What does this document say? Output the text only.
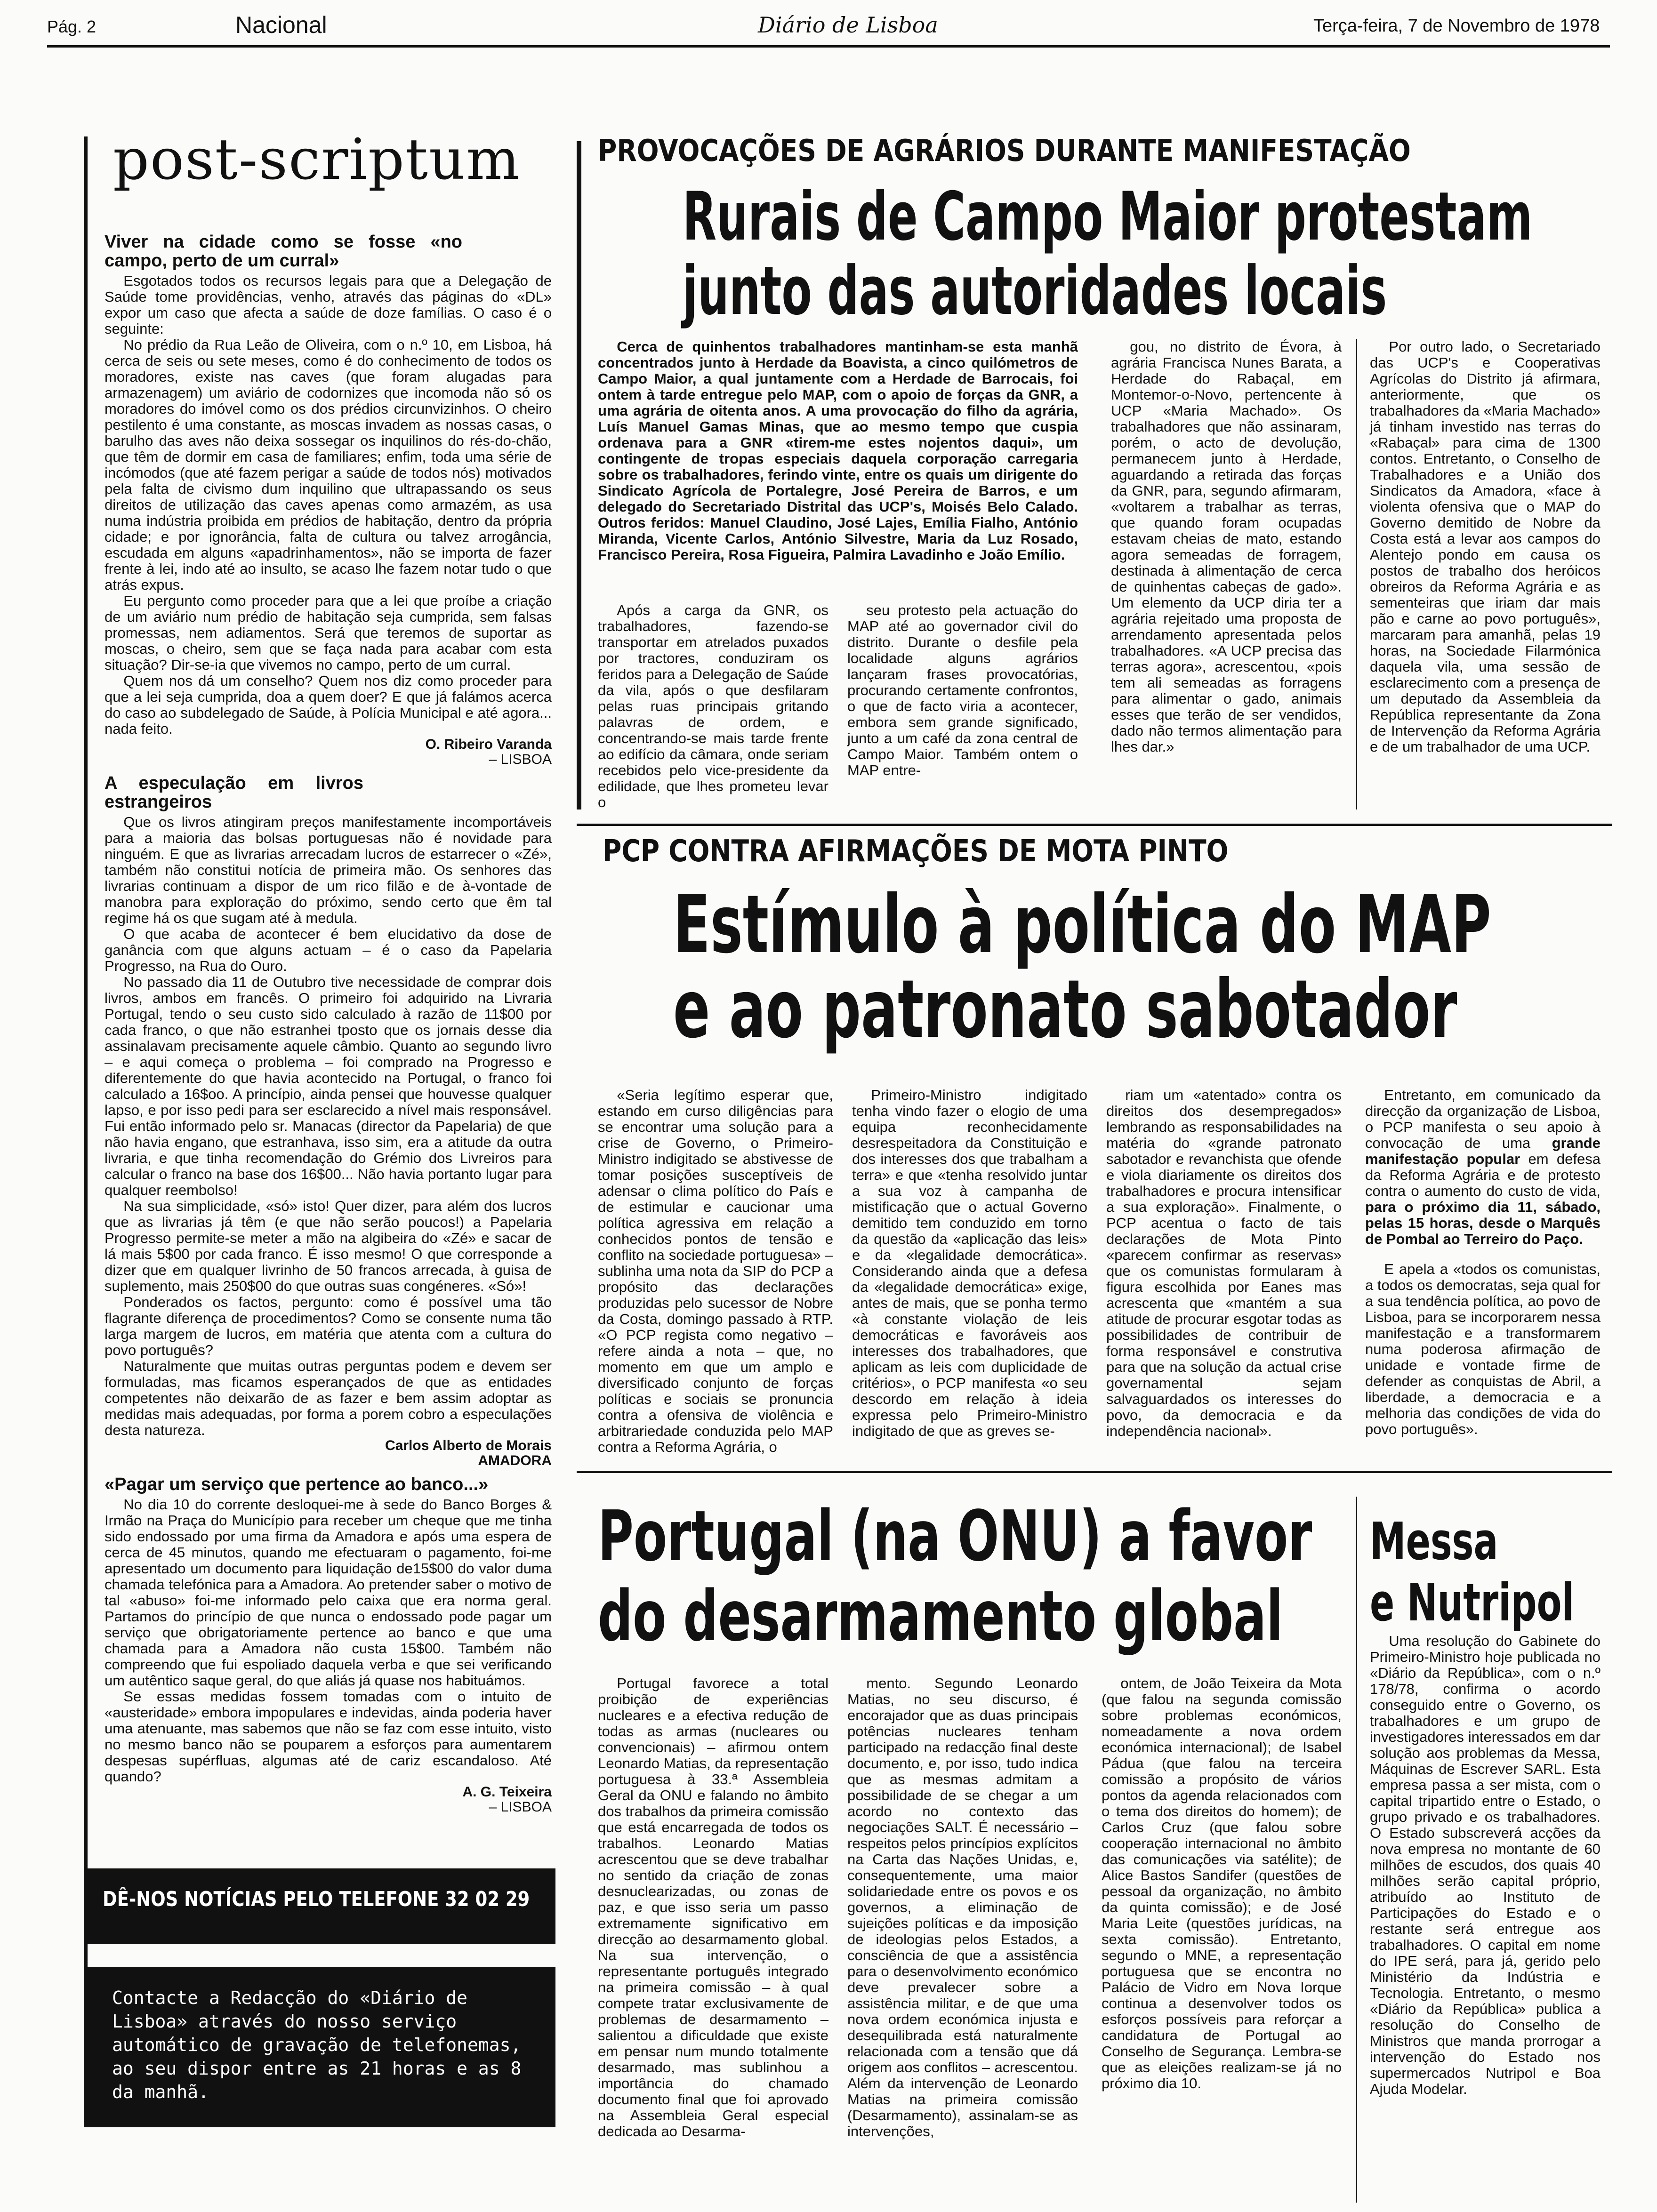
Pág. 2	Nacional	Diário de Lisboa	Terça-feira, 7 de Novembro de 1978
post-scriptum
Viver na cidade como se fosse «no campo, perto de um curral»

Esgotados todos os recursos legais para que a Delegação de Saúde tome providências, venho, através das páginas do «DL» expor um caso que afecta a saúde de doze famílias. O caso é o seguinte:

No prédio da Rua Leão de Oliveira, com o n.º 10, em Lisboa, há cerca de seis ou sete meses, como é do conhecimento de todos os moradores, existe nas caves (que foram alugadas para armazenagem) um aviário de codornizes que incomoda não só os moradores do imóvel como os dos prédios circunvizinhos. O cheiro pestilento é uma constante, as moscas invadem as nossas casas, o barulho das aves não deixa sossegar os inquilinos do rés-do-chão, que têm de dormir em casa de familiares; enfim, toda uma série de incómodos (que até fazem perigar a saúde de todos nós) motivados pela falta de civismo dum inquilino que ultrapassando os seus direitos de utilização das caves apenas como armazém, as usa numa indústria proibida em prédios de habitação, dentro da própria cidade; e por ignorância, falta de cultura ou talvez arrogância, escudada em alguns «apadrinhamentos», não se importa de fazer frente à lei, indo até ao insulto, se acaso lhe fazem notar tudo o que atrás expus.

Eu pergunto como proceder para que a lei que proíbe a criação de um aviário num prédio de habitação seja cumprida, sem falsas promessas, nem adiamentos. Será que teremos de suportar as moscas, o cheiro, sem que se faça nada para acabar com esta situação? Dir-se-ia que vivemos no campo, perto de um curral.

Quem nos dá um conselho? Quem nos diz como proceder para que a lei seja cumprida, doa a quem doer? E que já falámos acerca do caso ao subdelegado de Saúde, à Polícia Municipal e até agora... nada feito.

O. Ribeiro Varanda
– LISBOA
A especulação em livros estrangeiros

Que os livros atingiram preços manifestamente incomportáveis para a maioria das bolsas portuguesas não é novidade para ninguém. E que as livrarias arrecadam lucros de estarrecer o «Zé», também não constitui notícia de primeira mão. Os senhores das livrarias continuam a dispor de um rico filão e de à-vontade de manobra para exploração do próximo, sendo certo que êm tal regime há os que sugam até à medula.

O que acaba de acontecer é bem elucidativo da dose de ganância com que alguns actuam – é o caso da Papelaria Progresso, na Rua do Ouro.

No passado dia 11 de Outubro tive necessidade de comprar dois livros, ambos em francês. O primeiro foi adquirido na Livraria Portugal, tendo o seu custo sido calculado à razão de 11$00 por cada franco, o que não estranhei tposto que os jornais desse dia assinalavam precisamente aquele câmbio. Quanto ao segundo livro – e aqui começa o problema – foi comprado na Progresso e diferentemente do que havia acontecido na Portugal, o franco foi calculado a 16$oo. A princípio, ainda pensei que houvesse qualquer lapso, e por isso pedi para ser esclarecido a nível mais responsável. Fui então informado pelo sr. Manacas (director da Papelaria) de que não havia engano, que estranhava, isso sim, era a atitude da outra livraria, e que tinha recomendação do Grémio dos Livreiros para calcular o franco na base dos 16$00... Não havia portanto lugar para qualquer reembolso!

Na sua simplicidade, «só» isto! Quer dizer, para além dos lucros que as livrarias já têm (e que não serão poucos!) a Papelaria Progresso permite-se meter a mão na algibeira do «Zé» e sacar de lá mais 5$00 por cada franco. É isso mesmo! O que corresponde a dizer que em qualquer livrinho de 50 francos arrecada, à guisa de suplemento, mais 250$00 do que outras suas congéneres. «Só»!

Ponderados os factos, pergunto: como é possível uma tão flagrante diferença de procedimentos? Como se consente numa tão larga margem de lucros, em matéria que atenta com a cultura do povo português?

Naturalmente que muitas outras perguntas podem e devem ser formuladas, mas ficamos esperançados de que as entidades competentes não deixarão de as fazer e bem assim adoptar as medidas mais adequadas, por forma a porem cobro a especulações desta natureza.

Carlos Alberto de Morais
AMADORA
«Pagar um serviço que pertence ao banco...»

No dia 10 do corrente desloquei-me à sede do Banco Borges & Irmão na Praça do Município para receber um cheque que me tinha sido endossado por uma firma da Amadora e após uma espera de cerca de 45 minutos, quando me efectuaram o pagamento, foi-me apresentado um documento para liquidação de15$00 do valor duma chamada telefónica para a Amadora. Ao pretender saber o motivo de tal «abuso» foi-me informado pelo caixa que era norma geral. Partamos do princípio de que nunca o endossado pode pagar um serviço que obrigatoriamente pertence ao banco e que uma chamada para a Amadora não custa 15$00. Também não compreendo que fui espoliado daquela verba e que sei verificando um autêntico saque geral, do que aliás já quase nos habituámos.

Se essas medidas fossem tomadas com o intuito de «austeridade» embora impopulares e indevidas, ainda poderia haver uma atenuante, mas sabemos que não se faz com esse intuito, visto no mesmo banco não se pouparem a esforços para aumentarem despesas supérfluas, algumas até de cariz escandaloso. Até quando?

A. G. Teixeira
– LISBOA
DÊ-NOS NOTÍCIAS PELO TELEFONE 32 02 29
Contacte a Redacção do «Diário de Lisboa» através do nosso serviço automático de gravação de telefonemas, ao seu dispor entre as 21 horas e as 8 da manhã.
PROVOCAÇÕES DE AGRÁRIOS DURANTE MANIFESTAÇÃO
Rurais de Campo Maior protestam
junto das autoridades locais

Cerca de quinhentos trabalhadores mantinham-se esta manhã concentrados junto à Herdade da Boavista, a cinco quilómetros de Campo Maior, a qual juntamente com a Herdade de Barrocais, foi ontem à tarde entregue pelo MAP, com o apoio de forças da GNR, a uma agrária de oitenta anos. A uma provocação do filho da agrária, Luís Manuel Gamas Minas, que ao mesmo tempo que cuspia ordenava para a GNR «tirem-me estes nojentos daqui», um contingente de tropas especiais daquela corporação carregaria sobre os trabalhadores, ferindo vinte, entre os quais um dirigente do Sindicato Agrícola de Portalegre, José Pereira de Barros, e um delegado do Secretariado Distrital das UCP's, Moisés Belo Calado. Outros feridos: Manuel Claudino, José Lajes, Emília Fialho, António Miranda, Vicente Carlos, António Silvestre, Maria da Luz Rosado, Francisco Pereira, Rosa Figueira, Palmira Lavadinho e João Emílio.

Após a carga da GNR, os trabalhadores, fazendo-se transportar em atrelados puxados por tractores, conduziram os feridos para a Delegação de Saúde da vila, após o que desfilaram pelas ruas principais gritando palavras de ordem, e concentrando-se mais tarde frente ao edifício da câmara, onde seriam recebidos pelo vice-presidente da edilidade, que lhes prometeu levar o

seu protesto pela actuação do MAP até ao governador civil do distrito. Durante o desfile pela localidade alguns agrários lançaram frases provocatórias, procurando certamente confrontos, o que de facto viria a acontecer, embora sem grande significado, junto a um café da zona central de Campo Maior. Também ontem o MAP entre-

gou, no distrito de Évora, à agrária Francisca Nunes Barata, a Herdade do Rabaçal, em Montemor-o-Novo, pertencente à UCP «Maria Machado». Os trabalhadores que não assinaram, porém, o acto de devolução, permanecem junto à Herdade, aguardando a retirada das forças da GNR, para, segundo afirmaram, «voltarem a trabalhar as terras, que quando foram ocupadas estavam cheias de mato, estando agora semeadas de forragem, destinada à alimentação de cerca de quinhentas cabeças de gado». Um elemento da UCP diria ter a agrária rejeitado uma proposta de arrendamento apresentada pelos trabalhadores. «A UCP precisa das terras agora», acrescentou, «pois tem ali semeadas as forragens para alimentar o gado, animais esses que terão de ser vendidos, dado não termos alimentação para lhes dar.»

Por outro lado, o Secretariado das UCP's e Cooperativas Agrícolas do Distrito já afirmara, anteriormente, que os trabalhadores da «Maria Machado» já tinham investido nas terras do «Rabaçal» para cima de 1300 contos. Entretanto, o Conselho de Trabalhadores e a União dos Sindicatos da Amadora, «face à violenta ofensiva que o MAP do Governo demitido de Nobre da Costa está a levar aos campos do Alentejo pondo em causa os postos de trabalho dos heróicos obreiros da Reforma Agrária e as sementeiras que iriam dar mais pão e carne ao povo português», marcaram para amanhã, pelas 19 horas, na Sociedade Filarmónica daquela vila, uma sessão de esclarecimento com a presença de um deputado da Assembleia da República representante da Zona de Intervenção da Reforma Agrária e de um trabalhador de uma UCP.

PCP CONTRA AFIRMAÇÕES DE MOTA PINTO
Estímulo à política do MAP
e ao patronato sabotador

«Seria legítimo esperar que, estando em curso diligências para se encontrar uma solução para a crise de Governo, o Primeiro-Ministro indigitado se abstivesse de tomar posições susceptíveis de adensar o clima político do País e de estimular e caucionar uma política agressiva em relação a conhecidos pontos de tensão e conflito na sociedade portuguesa» – sublinha uma nota da SIP do PCP a propósito das declarações produzidas pelo sucessor de Nobre da Costa, domingo passado à RTP. «O PCP regista como negativo – refere ainda a nota – que, no momento em que um amplo e diversificado conjunto de forças políticas e sociais se pronuncia contra a ofensiva de violência e arbitrariedade conduzida pelo MAP contra a Reforma Agrária, o

Primeiro-Ministro indigitado tenha vindo fazer o elogio de uma equipa reconhecidamente desrespeitadora da Constituição e dos interesses dos que trabalham a terra» e que «tenha resolvido juntar a sua voz à campanha de mistificação que o actual Governo demitido tem conduzido em torno da questão da «aplicação das leis» e da «legalidade democrática». Considerando ainda que a defesa da «legalidade democrática» exige, antes de mais, que se ponha termo «à constante violação de leis democráticas e favoráveis aos interesses dos trabalhadores, que aplicam as leis com duplicidade de critérios», o PCP manifesta «o seu descordo em relação à ideia expressa pelo Primeiro-Ministro indigitado de que as greves se-

riam um «atentado» contra os direitos dos desempregados» lembrando as responsabilidades na matéria do «grande patronato sabotador e revanchista que ofende e viola diariamente os direitos dos trabalhadores e procura intensificar a sua exploração». Finalmente, o PCP acentua o facto de tais declarações de Mota Pinto «parecem confirmar as reservas» que os comunistas formularam à figura escolhida por Eanes mas acrescenta que «mantém a sua atitude de procurar esgotar todas as possibilidades de contribuir de forma responsável e construtiva para que na solução da actual crise governamental sejam salvaguardados os interesses do povo, da democracia e da independência nacional».

Entretanto, em comunicado da direcção da organização de Lisboa, o PCP manifesta o seu apoio à convocação de uma grande manifestação popular em defesa da Reforma Agrária e de protesto contra o aumento do custo de vida, para o próximo dia 11, sábado, pelas 15 horas, desde o Marquês de Pombal ao Terreiro do Paço.

E apela a «todos os comunistas, a todos os democratas, seja qual for a sua tendência política, ao povo de Lisboa, para se incorporarem nessa manifestação e a transformarem numa poderosa afirmação de unidade e vontade firme de defender as conquistas de Abril, a liberdade, a democracia e a melhoria das condições de vida do povo português».

Portugal (na ONU) a favor
do desarmamento global

Portugal favorece a total proibição de experiências nucleares e a efectiva redução de todas as armas (nucleares ou convencionais) – afirmou ontem Leonardo Matias, da representação portuguesa à 33.ª Assembleia Geral da ONU e falando no âmbito dos trabalhos da primeira comissão que está encarregada de todos os trabalhos. Leonardo Matias acrescentou que se deve trabalhar no sentido da criação de zonas desnuclearizadas, ou zonas de paz, e que isso seria um passo extremamente significativo em direcção ao desarmamento global. Na sua intervenção, o representante português integrado na primeira comissão – à qual compete tratar exclusivamente de problemas de desarmamento – salientou a dificuldade que existe em pensar num mundo totalmente desarmado, mas sublinhou a importância do chamado documento final que foi aprovado na Assembleia Geral especial dedicada ao Desarma-

mento. Segundo Leonardo Matias, no seu discurso, é encorajador que as duas principais potências nucleares tenham participado na redacção final deste documento, e, por isso, tudo indica que as mesmas admitam a possibilidade de se chegar a um acordo no contexto das negociações SALT. É necessário – respeitos pelos princípios explícitos na Carta das Nações Unidas, e, consequentemente, uma maior solidariedade entre os povos e os governos, a eliminação de sujeições políticas e da imposição de ideologias pelos Estados, a consciência de que a assistência para o desenvolvimento económico deve prevalecer sobre a assistência militar, e de que uma nova ordem económica injusta e desequilibrada está naturalmente relacionada com a tensão que dá origem aos conflitos – acrescentou. Além da intervenção de Leonardo Matias na primeira comissão (Desarmamento), assinalam-se as intervenções,

ontem, de João Teixeira da Mota (que falou na segunda comissão sobre problemas económicos, nomeadamente a nova ordem económica internacional); de Isabel Pádua (que falou na terceira comissão a propósito de vários pontos da agenda relacionados com o tema dos direitos do homem); de Carlos Cruz (que falou sobre cooperação internacional no âmbito das comunicações via satélite); de Alice Bastos Sandifer (questões de pessoal da organização, no âmbito da quinta comissão); e de José Maria Leite (questões jurídicas, na sexta comissão). Entretanto, segundo o MNE, a representação portuguesa que se encontra no Palácio de Vidro em Nova Iorque continua a desenvolver todos os esforços possíveis para reforçar a candidatura de Portugal ao Conselho de Segurança. Lembra-se que as eleições realizam-se já no próximo dia 10.

Messa
e Nutripol

Uma resolução do Gabinete do Primeiro-Ministro hoje publicada no «Diário da República», com o n.º 178/78, confirma o acordo conseguido entre o Governo, os trabalhadores e um grupo de investigadores interessados em dar solução aos problemas da Messa, Máquinas de Escrever SARL. Esta empresa passa a ser mista, com o capital tripartido entre o Estado, o grupo privado e os trabalhadores. O Estado subscreverá acções da nova empresa no montante de 60 milhões de escudos, dos quais 40 milhões serão capital próprio, atribuído ao Instituto de Participações do Estado e o restante será entregue aos trabalhadores. O capital em nome do IPE será, para já, gerido pelo Ministério da Indústria e Tecnologia. Entretanto, o mesmo «Diário da República» publica a resolução do Conselho de Ministros que manda prorrogar a intervenção do Estado nos supermercados Nutripol e Boa Ajuda Modelar.
